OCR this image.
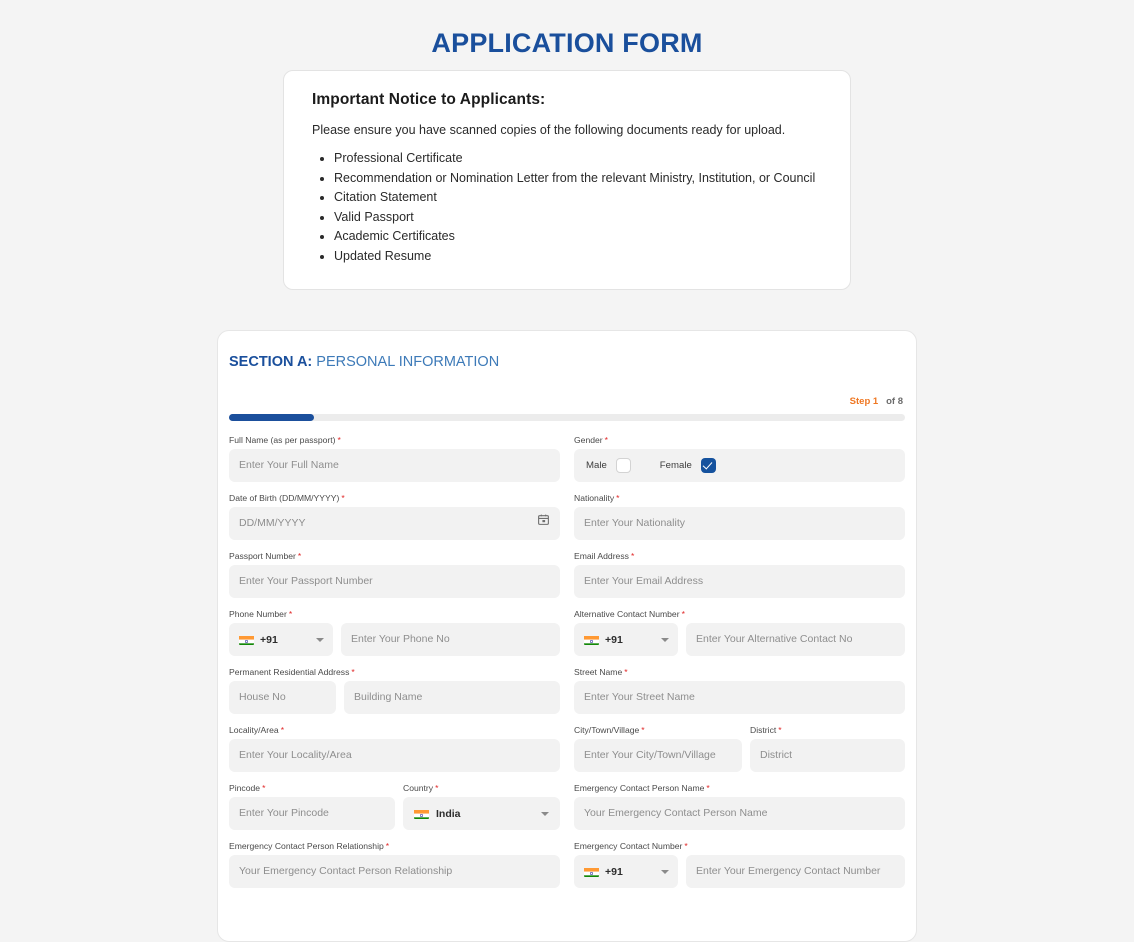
APPLICATION FORM
Important Notice to Applicants:
Please ensure you have scanned copies of the following documents ready for upload.
• Professional Certificate
• Recommendation or Nomination Letter from the relevant Ministry, Institution, or Council
• Citation Statement
• Valid Passport
• Academic Certificates
• Updated Resume
SECTION A: PERSONAL INFORMATION
Step 1 of 8
Full Name (as per passport) *
Enter Your Full Name
Gender *
Male	Female
Date of Birth (DD/MM/YYYY) *
DD/MM/YYYY
Nationality *
Enter Your Nationality
Passport Number *
Enter Your Passport Number
Email Address *
Enter Your Email Address
Phone Number *
+91	Enter Your Phone No
Alternative Contact Number *
+91	Enter Your Alternative Contact No
Permanent Residential Address *
House No	Building Name
Street Name *
Enter Your Street Name
Locality/Area *
Enter Your Locality/Area
City/Town/Village *	District *
Enter Your City/Town/Village	District
Pincode *	Country *
Enter Your Pincode	India
Emergency Contact Person Name *
Your Emergency Contact Person Name
Emergency Contact Person Relationship *
Your Emergency Contact Person Relationship
Emergency Contact Number *
+91	Enter Your Emergency Contact Number
